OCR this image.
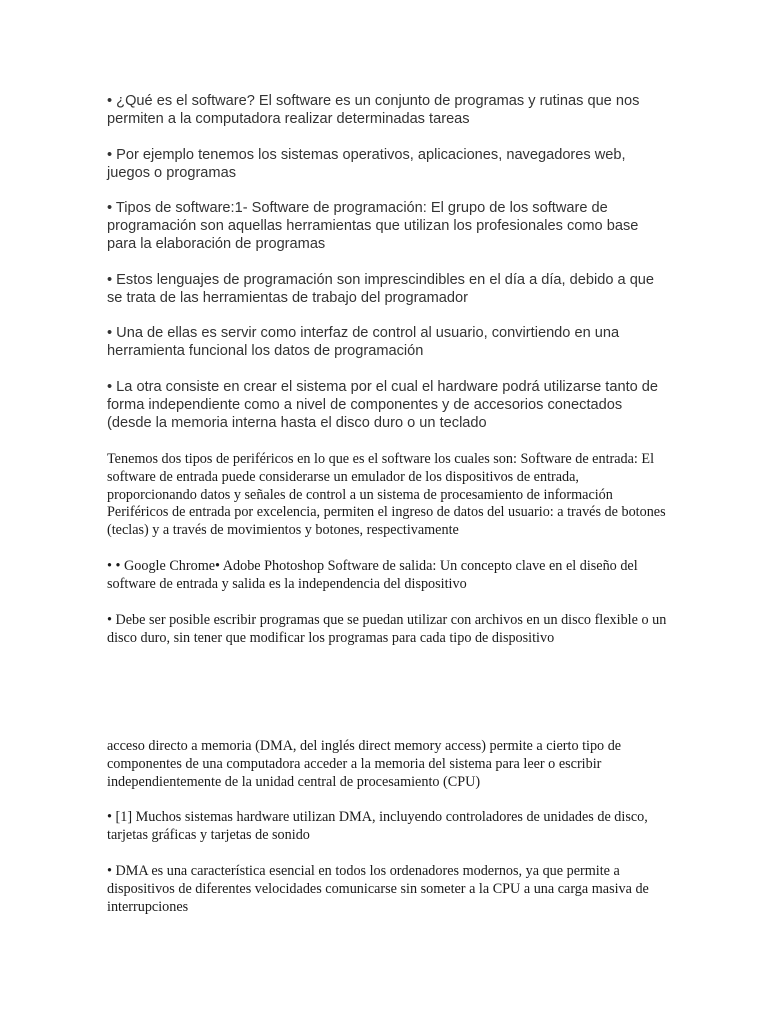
• ¿Qué es el software? El software es un conjunto de programas y rutinas que nos permiten a la computadora realizar determinadas tareas

• Por ejemplo tenemos los sistemas operativos, aplicaciones, navegadores web, juegos o programas

• Tipos de software:1- Software de programación: El grupo de los software de programación son aquellas herramientas que utilizan los profesionales como base para la elaboración de programas

• Estos lenguajes de programación son imprescindibles en el día a día, debido a que se trata de las herramientas de trabajo del programador

• Una de ellas es servir como interfaz de control al usuario, convirtiendo en una herramienta funcional los datos de programación

• La otra consiste en crear el sistema por el cual el hardware podrá utilizarse tanto de forma independiente como a nivel de componentes y de accesorios conectados (desde la memoria interna hasta el disco duro o un teclado

Tenemos dos tipos de periféricos en lo que es el software los cuales son: Software de entrada: El software de entrada puede considerarse un emulador de los dispositivos de entrada, proporcionando datos y señales de control a un sistema de procesamiento de información Periféricos de entrada por excelencia, permiten el ingreso de datos del usuario: a través de botones (teclas) y a través de movimientos y botones, respectivamente

• • Google Chrome• Adobe Photoshop Software de salida: Un concepto clave en el diseño del software de entrada y salida es la independencia del dispositivo

• Debe ser posible escribir programas que se puedan utilizar con archivos en un disco flexible o un disco duro, sin tener que modificar los programas para cada tipo de dispositivo

acceso directo a memoria (DMA, del inglés direct memory access) permite a cierto tipo de componentes de una computadora acceder a la memoria del sistema para leer o escribir independientemente de la unidad central de procesamiento (CPU)

• [1] Muchos sistemas hardware utilizan DMA, incluyendo controladores de unidades de disco, tarjetas gráficas y tarjetas de sonido

• DMA es una característica esencial en todos los ordenadores modernos, ya que permite a dispositivos de diferentes velocidades comunicarse sin someter a la CPU a una carga masiva de interrupciones
